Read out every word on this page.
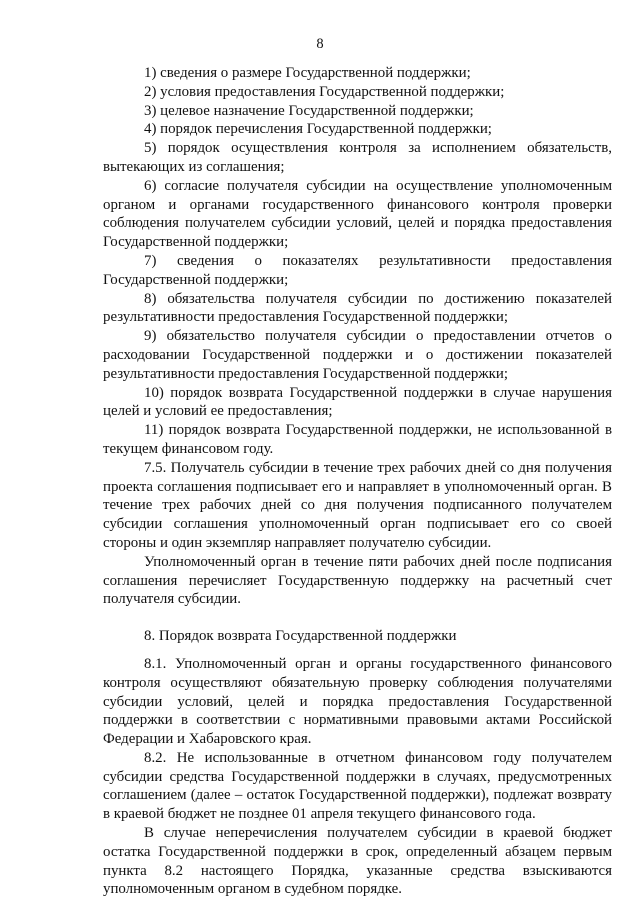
8

1) сведения о размере Государственной поддержки;

2) условия предоставления Государственной поддержки;

3) целевое назначение Государственной поддержки;

4) порядок перечисления Государственной поддержки;

5) порядок осуществления контроля за исполнением обязательств, вытекающих из соглашения;

6) согласие получателя субсидии на осуществление уполномоченным органом и органами государственного финансового контроля проверки соблюдения получателем субсидии условий, целей и порядка предоставления Государственной поддержки;

7) сведения о показателях результативности предоставления Государственной поддержки;

8) обязательства получателя субсидии по достижению показателей результативности предоставления Государственной поддержки;

9) обязательство получателя субсидии о предоставлении отчетов о расходовании Государственной поддержки и о достижении показателей результативности предоставления Государственной поддержки;

10) порядок возврата Государственной поддержки в случае нарушения целей и условий ее предоставления;

11) порядок возврата Государственной поддержки, не использованной в текущем финансовом году.

7.5. Получатель субсидии в течение трех рабочих дней со дня получения проекта соглашения подписывает его и направляет в уполномоченный орган. В течение трех рабочих дней со дня получения подписанного получателем субсидии соглашения уполномоченный орган подписывает его со своей стороны и один экземпляр направляет получателю субсидии.

Уполномоченный орган в течение пяти рабочих дней после подписания соглашения перечисляет Государственную поддержку на расчетный счет получателя субсидии.

8. Порядок возврата Государственной поддержки

8.1. Уполномоченный орган и органы государственного финансового контроля осуществляют обязательную проверку соблюдения получателями субсидии условий, целей и порядка предоставления Государственной поддержки в соответствии с нормативными правовыми актами Российской Федерации и Хабаровского края.

8.2. Не использованные в отчетном финансовом году получателем субсидии средства Государственной поддержки в случаях, предусмотренных соглашением (далее – остаток Государственной поддержки), подлежат возврату в краевой бюджет не позднее 01 апреля текущего финансового года.

В случае неперечисления получателем субсидии в краевой бюджет остатка Государственной поддержки в срок, определенный абзацем первым пункта 8.2 настоящего Порядка, указанные средства взыскиваются уполномоченным органом в судебном порядке.
